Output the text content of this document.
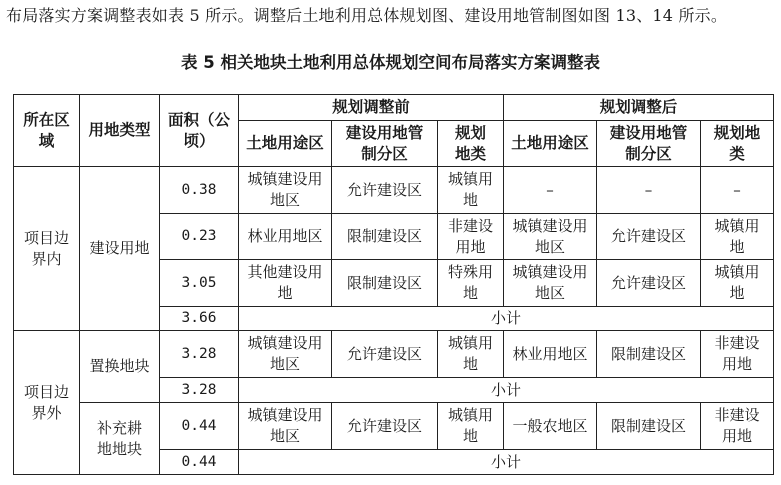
布局落实方案调整表如表 5 所示。调整后土地利用总体规划图、建设用地管制图如图 13、14 所示。
表 5 相关地块土地利用总体规划空间布局落实方案调整表
所在区域	用地类型	面积（公顷）	规划调整前			规划调整后		
			土地用途区	建设用地管制分区	规划地类	土地用途区	建设用地管制分区	规划地类
项目边界内	建设用地	0.38	城镇建设用地区	允许建设区	城镇用地	–	–	–
		0.23	林业用地区	限制建设区	非建设用地	城镇建设用地区	允许建设区	城镇用地
		3.05	其他建设用地	限制建设区	特殊用地	城镇建设用地区	允许建设区	城镇用地
		3.66	小计					
项目边界外	置换地块	3.28	城镇建设用地区	允许建设区	城镇用地	林业用地区	限制建设区	非建设用地
		3.28	小计					
	补充耕地地块	0.44	城镇建设用地区	允许建设区	城镇用地	一般农地区	限制建设区	非建设用地
		0.44	小计					
